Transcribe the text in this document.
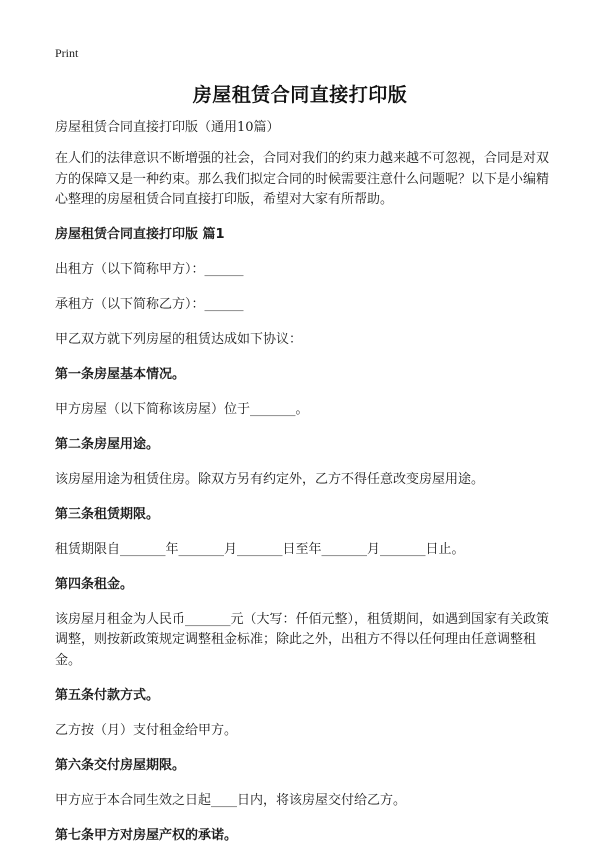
Print
房屋租赁合同直接打印版
房屋租赁合同直接打印版（通用10篇）
在人们的法律意识不断增强的社会，合同对我们的约束力越来越不可忽视，合同是对双方的保障又是一种约束。那么我们拟定合同的时候需要注意什么问题呢？以下是小编精心整理的房屋租赁合同直接打印版，希望对大家有所帮助。
房屋租赁合同直接打印版 篇1
出租方（以下简称甲方）：______
承租方（以下简称乙方）：______
甲乙双方就下列房屋的租赁达成如下协议：
第一条房屋基本情况。
甲方房屋（以下简称该房屋）位于_______。
第二条房屋用途。
该房屋用途为租赁住房。除双方另有约定外，乙方不得任意改变房屋用途。
第三条租赁期限。
租赁期限自_______年_______月_______日至年_______月_______日止。
第四条租金。
该房屋月租金为人民币_______元（大写：仟佰元整），租赁期间，如遇到国家有关政策调整，则按新政策规定调整租金标准；除此之外，出租方不得以任何理由任意调整租金。
第五条付款方式。
乙方按（月）支付租金给甲方。
第六条交付房屋期限。
甲方应于本合同生效之日起____日内，将该房屋交付给乙方。
第七条甲方对房屋产权的承诺。
